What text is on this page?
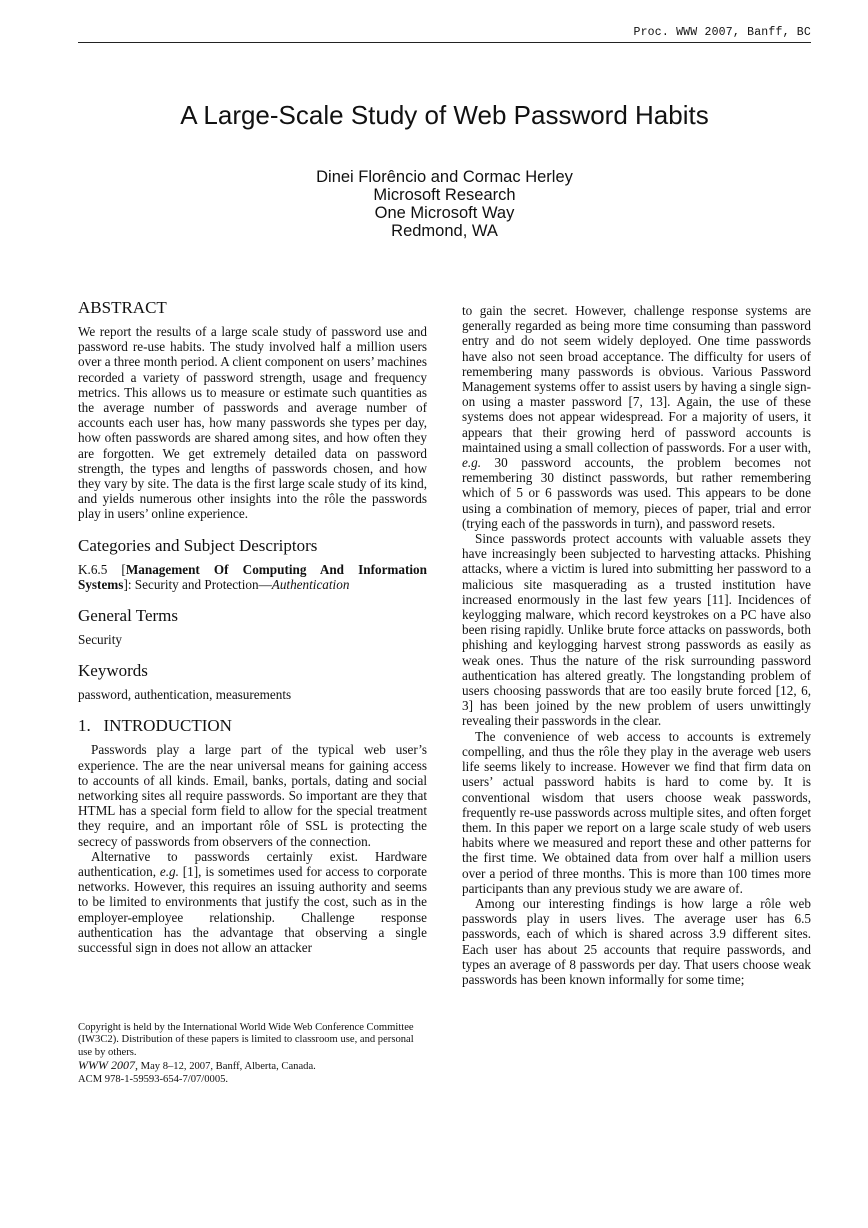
Proc. WWW 2007, Banff, BC
A Large-Scale Study of Web Password Habits
Dinei Florêncio and Cormac Herley
Microsoft Research
One Microsoft Way
Redmond, WA
ABSTRACT

We report the results of a large scale study of password use and password re-use habits. The study involved half a million users over a three month period. A client component on users’ machines recorded a variety of password strength, usage and frequency metrics. This allows us to measure or estimate such quantities as the average number of passwords and average number of accounts each user has, how many passwords she types per day, how often passwords are shared among sites, and how often they are forgotten. We get extremely detailed data on password strength, the types and lengths of passwords chosen, and how they vary by site. The data is the first large scale study of its kind, and yields numerous other insights into the rôle the passwords play in users’ online experience.

Categories and Subject Descriptors

K.6.5 [Management Of Computing And Information Systems]: Security and Protection—Authentication

General Terms

Security

Keywords

password, authentication, measurements

1.   INTRODUCTION

Passwords play a large part of the typical web user’s experience. The are the near universal means for gaining access to accounts of all kinds. Email, banks, portals, dating and social networking sites all require passwords. So important are they that HTML has a special form field to allow for the special treatment they require, and an important rôle of SSL is protecting the secrecy of passwords from observers of the connection.

Alternative to passwords certainly exist. Hardware authentication, e.g. [1], is sometimes used for access to corporate networks. However, this requires an issuing authority and seems to be limited to environments that justify the cost, such as in the employer-employee relationship. Challenge response authentication has the advantage that observing a single successful sign in does not allow an attacker

Copyright is held by the International World Wide Web Conference Committee (IW3C2). Distribution of these papers is limited to classroom use, and personal use by others.
WWW 2007, May 8–12, 2007, Banff, Alberta, Canada.
ACM 978-1-59593-654-7/07/0005.

to gain the secret. However, challenge response systems are generally regarded as being more time consuming than password entry and do not seem widely deployed. One time passwords have also not seen broad acceptance. The difficulty for users of remembering many passwords is obvious. Various Password Management systems offer to assist users by having a single sign-on using a master password [7, 13]. Again, the use of these systems does not appear widespread. For a majority of users, it appears that their growing herd of password accounts is maintained using a small collection of passwords. For a user with, e.g. 30 password accounts, the problem becomes not remembering 30 distinct passwords, but rather remembering which of 5 or 6 passwords was used. This appears to be done using a combination of memory, pieces of paper, trial and error (trying each of the passwords in turn), and password resets.

Since passwords protect accounts with valuable assets they have increasingly been subjected to harvesting attacks. Phishing attacks, where a victim is lured into submitting her password to a malicious site masquerading as a trusted institution have increased enormously in the last few years [11]. Incidences of keylogging malware, which record keystrokes on a PC have also been rising rapidly. Unlike brute force attacks on passwords, both phishing and keylogging harvest strong passwords as easily as weak ones. Thus the nature of the risk surrounding password authentication has altered greatly. The longstanding problem of users choosing passwords that are too easily brute forced [12, 6, 3] has been joined by the new problem of users unwittingly revealing their passwords in the clear.

The convenience of web access to accounts is extremely compelling, and thus the rôle they play in the average web users life seems likely to increase. However we find that firm data on users’ actual password habits is hard to come by. It is conventional wisdom that users choose weak passwords, frequently re-use passwords across multiple sites, and often forget them. In this paper we report on a large scale study of web users habits where we measured and report these and other patterns for the first time. We obtained data from over half a million users over a period of three months. This is more than 100 times more participants than any previous study we are aware of.

Among our interesting findings is how large a rôle web passwords play in users lives. The average user has 6.5 passwords, each of which is shared across 3.9 different sites. Each user has about 25 accounts that require passwords, and types an average of 8 passwords per day. That users choose weak passwords has been known informally for some time;
